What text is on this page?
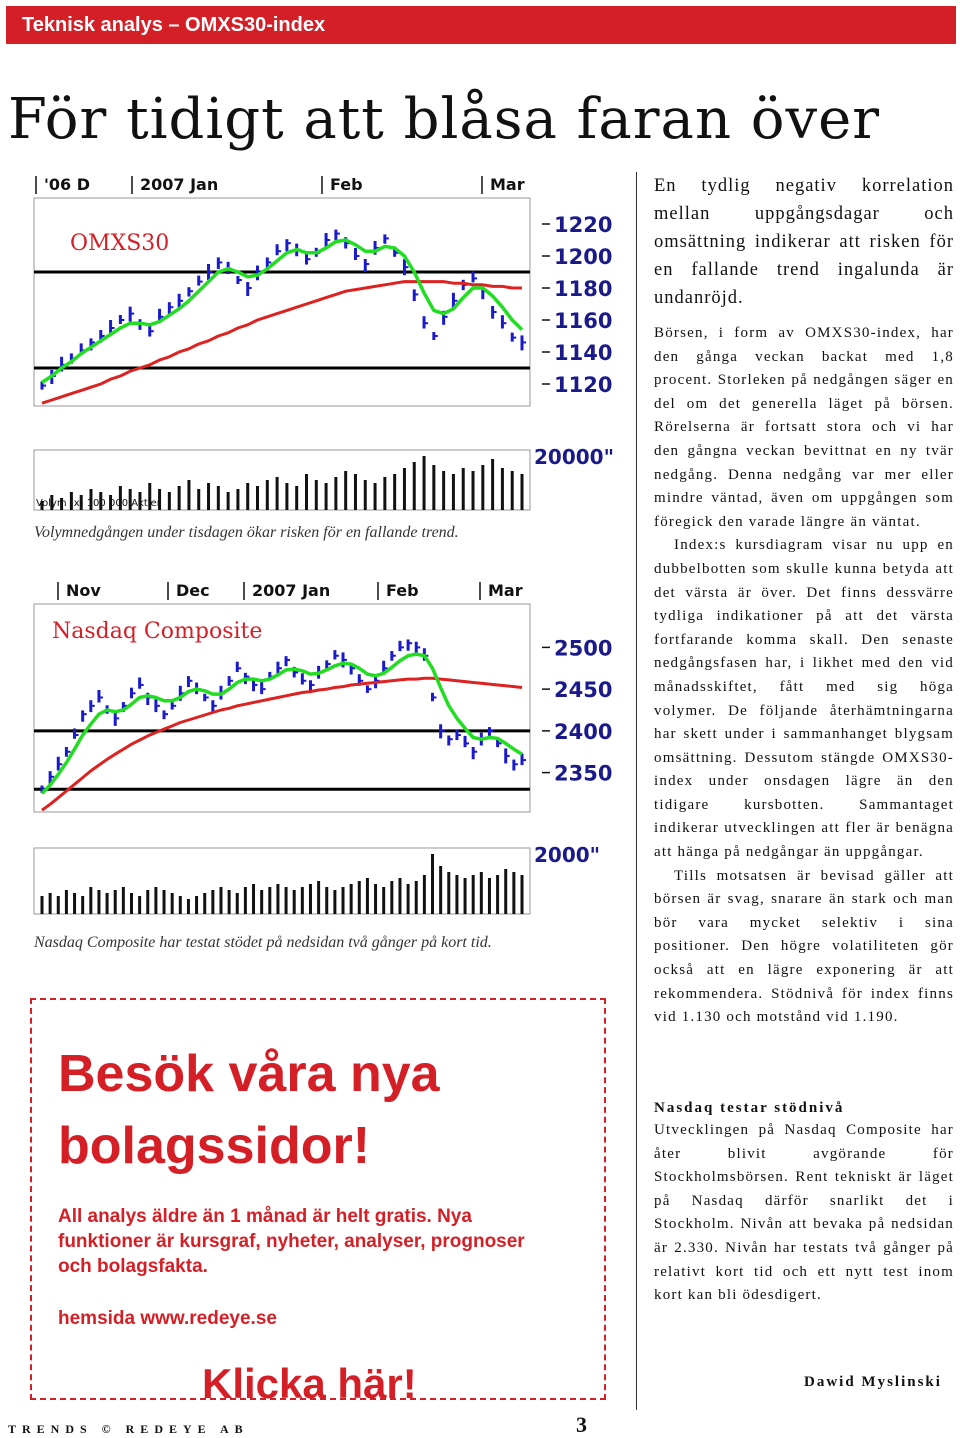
Teknisk analys – OMXS30-index
För tidigt att blåsa faran över
'06 D	2007 Jan	Feb	Mar
1220
1200
1180
1160
1140
1120
OMXS30
20000"
Volym (x) 100 000 Aktier
Volymnedgången under tisdagen ökar risken för en fallande trend.
Nov	Dec	2007 Jan	Feb	Mar
2500
2450
2400
2350
Nasdaq Composite
2000"
Nasdaq Composite har testat stödet på nedsidan två gånger på kort tid.

Besök våra nya
bolagssidor!

All analys äldre än 1 månad är helt gratis. Nya funktioner är kursgraf, nyheter, analyser, prognoser och bolagsfakta.

hemsida www.redeye.se
Klicka här!

En tydlig negativ korrelation mellan uppgångsdagar och omsättning indikerar att risken för en fallande trend ingalunda är undanröjd.

Börsen, i form av OMXS30-index, har den gånga veckan backat med 1,8 procent. Storleken på nedgången säger en del om det generella läget på börsen. Rörelserna är fortsatt stora och vi har den gångna veckan bevittnat en ny tvär nedgång. Denna nedgång var mer eller mindre väntad, även om uppgången som föregick den varade längre än väntat.

Index:s kursdiagram visar nu upp en dubbelbotten som skulle kunna betyda att det värsta är över. Det finns dessvärre tydliga indikationer på att det värsta fortfarande komma skall. Den senaste nedgångsfasen har, i likhet med den vid månadsskiftet, fått med sig höga volymer. De följande återhämtningarna har skett under i sammanhanget blygsam omsättning. Dessutom stängde OMXS30-index under onsdagen lägre än den tidigare kursbotten. Sammantaget indikerar utvecklingen att fler är benägna att hänga på nedgångar än uppgångar.

Tills motsatsen är bevisad gäller att börsen är svag, snarare än stark och man bör vara mycket selektiv i sina positioner. Den högre volatiliteten gör också att en lägre exponering är att rekommendera. Stödnivå för index finns vid 1.130 och motstånd vid 1.190.

Nasdaq testar stödnivå

Utvecklingen på Nasdaq Composite har åter blivit avgörande för Stockholmsbörsen. Rent tekniskt är läget på Nasdaq därför snarlikt det i Stockholm. Nivån att bevaka på nedsidan är 2.330. Nivån har testats två gånger på relativt kort tid och ett nytt test inom kort kan bli ödesdigert.

Dawid Myslinski
TRENDS © REDEYE AB	3
